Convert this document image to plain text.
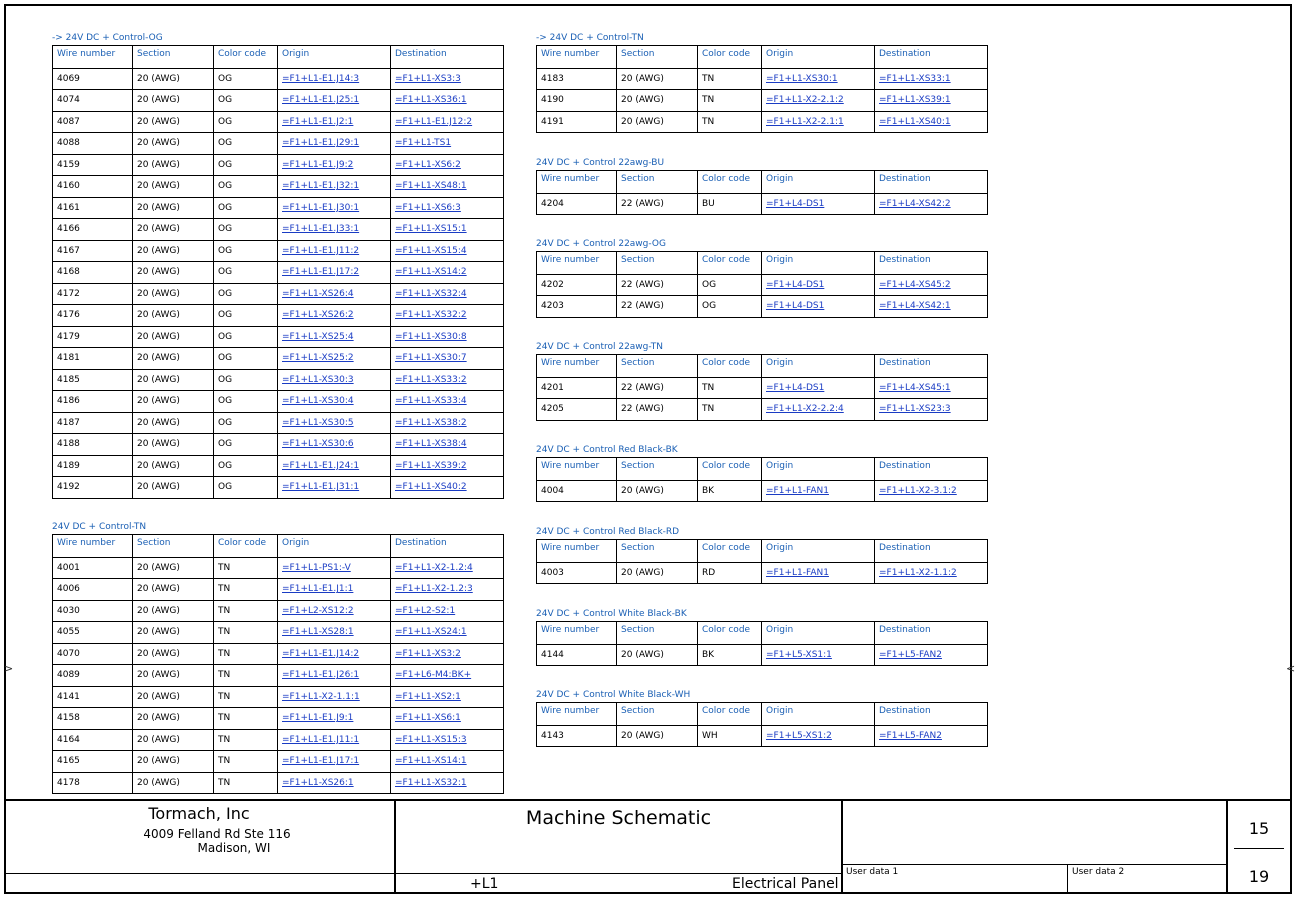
>	<
-> 24V DC + Control-OG
Wire number	Section	Color code	Origin	Destination
4069	20 (AWG)	OG	=F1+L1-E1.J14:3	=F1+L1-XS3:3
4074	20 (AWG)	OG	=F1+L1-E1.J25:1	=F1+L1-XS36:1
4087	20 (AWG)	OG	=F1+L1-E1.J2:1	=F1+L1-E1.J12:2
4088	20 (AWG)	OG	=F1+L1-E1.J29:1	=F1+L1-TS1
4159	20 (AWG)	OG	=F1+L1-E1.J9:2	=F1+L1-XS6:2
4160	20 (AWG)	OG	=F1+L1-E1.J32:1	=F1+L1-XS48:1
4161	20 (AWG)	OG	=F1+L1-E1.J30:1	=F1+L1-XS6:3
4166	20 (AWG)	OG	=F1+L1-E1.J33:1	=F1+L1-XS15:1
4167	20 (AWG)	OG	=F1+L1-E1.J11:2	=F1+L1-XS15:4
4168	20 (AWG)	OG	=F1+L1-E1.J17:2	=F1+L1-XS14:2
4172	20 (AWG)	OG	=F1+L1-XS26:4	=F1+L1-XS32:4
4176	20 (AWG)	OG	=F1+L1-XS26:2	=F1+L1-XS32:2
4179	20 (AWG)	OG	=F1+L1-XS25:4	=F1+L1-XS30:8
4181	20 (AWG)	OG	=F1+L1-XS25:2	=F1+L1-XS30:7
4185	20 (AWG)	OG	=F1+L1-XS30:3	=F1+L1-XS33:2
4186	20 (AWG)	OG	=F1+L1-XS30:4	=F1+L1-XS33:4
4187	20 (AWG)	OG	=F1+L1-XS30:5	=F1+L1-XS38:2
4188	20 (AWG)	OG	=F1+L1-XS30:6	=F1+L1-XS38:4
4189	20 (AWG)	OG	=F1+L1-E1.J24:1	=F1+L1-XS39:2
4192	20 (AWG)	OG	=F1+L1-E1.J31:1	=F1+L1-XS40:2
24V DC + Control-TN
Wire number	Section	Color code	Origin	Destination
4001	20 (AWG)	TN	=F1+L1-PS1:-V	=F1+L1-X2-1.2:4
4006	20 (AWG)	TN	=F1+L1-E1.J1:1	=F1+L1-X2-1.2:3
4030	20 (AWG)	TN	=F1+L2-XS12:2	=F1+L2-S2:1
4055	20 (AWG)	TN	=F1+L1-XS28:1	=F1+L1-XS24:1
4070	20 (AWG)	TN	=F1+L1-E1.J14:2	=F1+L1-XS3:2
4089	20 (AWG)	TN	=F1+L1-E1.J26:1	=F1+L6-M4:BK+
4141	20 (AWG)	TN	=F1+L1-X2-1.1:1	=F1+L1-XS2:1
4158	20 (AWG)	TN	=F1+L1-E1.J9:1	=F1+L1-XS6:1
4164	20 (AWG)	TN	=F1+L1-E1.J11:1	=F1+L1-XS15:3
4165	20 (AWG)	TN	=F1+L1-E1.J17:1	=F1+L1-XS14:1
4178	20 (AWG)	TN	=F1+L1-XS26:1	=F1+L1-XS32:1
-> 24V DC + Control-TN
Wire number	Section	Color code	Origin	Destination
4183	20 (AWG)	TN	=F1+L1-XS30:1	=F1+L1-XS33:1
4190	20 (AWG)	TN	=F1+L1-X2-2.1:2	=F1+L1-XS39:1
4191	20 (AWG)	TN	=F1+L1-X2-2.1:1	=F1+L1-XS40:1
24V DC + Control 22awg-BU
Wire number	Section	Color code	Origin	Destination
4204	22 (AWG)	BU	=F1+L4-DS1	=F1+L4-XS42:2
24V DC + Control 22awg-OG
Wire number	Section	Color code	Origin	Destination
4202	22 (AWG)	OG	=F1+L4-DS1	=F1+L4-XS45:2
4203	22 (AWG)	OG	=F1+L4-DS1	=F1+L4-XS42:1
24V DC + Control 22awg-TN
Wire number	Section	Color code	Origin	Destination
4201	22 (AWG)	TN	=F1+L4-DS1	=F1+L4-XS45:1
4205	22 (AWG)	TN	=F1+L1-X2-2.2:4	=F1+L1-XS23:3
24V DC + Control Red Black-BK
Wire number	Section	Color code	Origin	Destination
4004	20 (AWG)	BK	=F1+L1-FAN1	=F1+L1-X2-3.1:2
24V DC + Control Red Black-RD
Wire number	Section	Color code	Origin	Destination
4003	20 (AWG)	RD	=F1+L1-FAN1	=F1+L1-X2-1.1:2
24V DC + Control White Black-BK
Wire number	Section	Color code	Origin	Destination
4144	20 (AWG)	BK	=F1+L5-XS1:1	=F1+L5-FAN2
24V DC + Control White Black-WH
Wire number	Section	Color code	Origin	Destination
4143	20 (AWG)	WH	=F1+L5-XS1:2	=F1+L5-FAN2
Tormach, Inc
4009 Felland Rd Ste 116
Madison, WI
Machine Schematic
+L1	Electrical Panel
User data 1	User data 2
15
19
